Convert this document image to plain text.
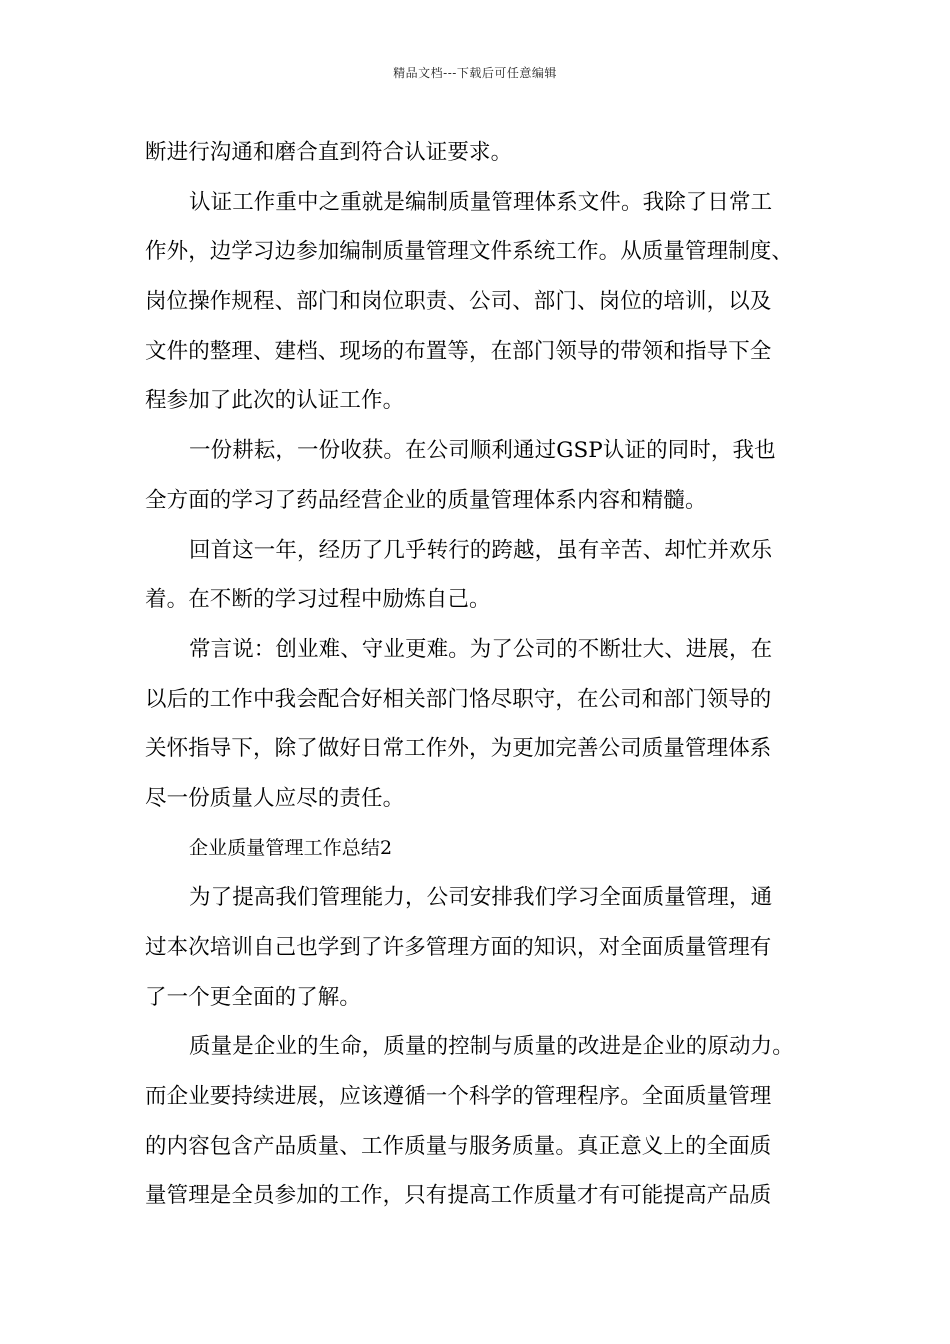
精品文档---下载后可任意编辑
断进行沟通和磨合直到符合认证要求。
认证工作重中之重就是编制质量管理体系文件。我除了日常工
作外，边学习边参加编制质量管理文件系统工作。从质量管理制度、
岗位操作规程、部门和岗位职责、公司、部门、岗位的培训，以及
文件的整理、建档、现场的布置等，在部门领导的带领和指导下全
程参加了此次的认证工作。
一份耕耘，一份收获。在公司顺利通过GSP认证的同时，我也
全方面的学习了药品经营企业的质量管理体系内容和精髓。
回首这一年，经历了几乎转行的跨越，虽有辛苦、却忙并欢乐
着。在不断的学习过程中励炼自己。
常言说：创业难、守业更难。为了公司的不断壮大、进展，在
以后的工作中我会配合好相关部门恪尽职守，在公司和部门领导的
关怀指导下，除了做好日常工作外，为更加完善公司质量管理体系
尽一份质量人应尽的责任。
企业质量管理工作总结2
为了提高我们管理能力，公司安排我们学习全面质量管理，通
过本次培训自己也学到了许多管理方面的知识，对全面质量管理有
了一个更全面的了解。
质量是企业的生命，质量的控制与质量的改进是企业的原动力。
而企业要持续进展，应该遵循一个科学的管理程序。全面质量管理
的内容包含产品质量、工作质量与服务质量。真正意义上的全面质
量管理是全员参加的工作，只有提高工作质量才有可能提高产品质
